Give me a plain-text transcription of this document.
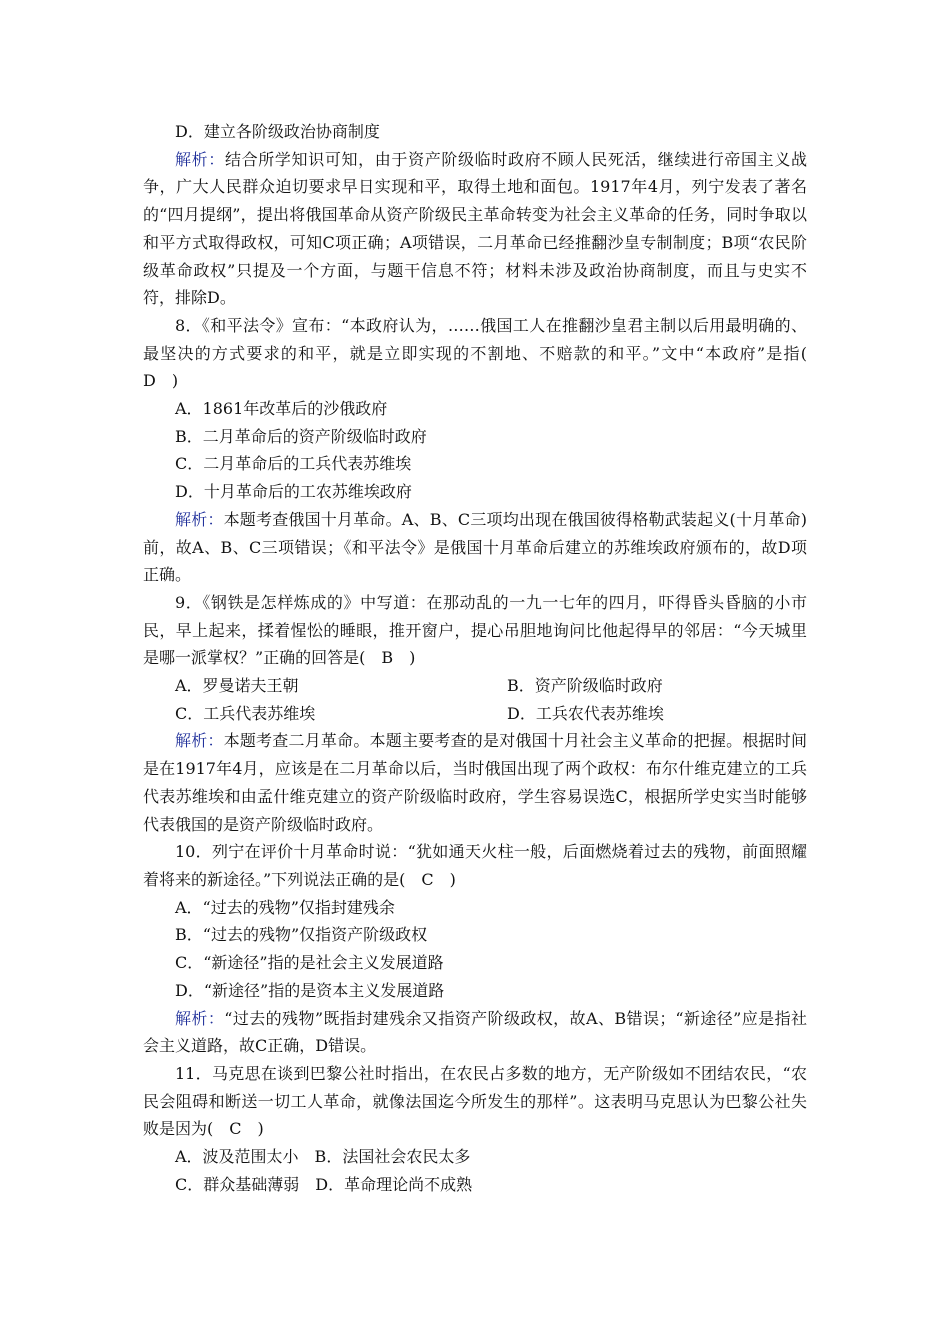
D．建立各阶级政治协商制度

解析：结合所学知识可知，由于资产阶级临时政府不顾人民死活，继续进行帝国主义战争，广大人民群众迫切要求早日实现和平，取得土地和面包。1917年4月，列宁发表了著名的“四月提纲”，提出将俄国革命从资产阶级民主革命转变为社会主义革命的任务，同时争取以和平方式取得政权，可知C项正确；A项错误，二月革命已经推翻沙皇专制制度；B项“农民阶级革命政权”只提及一个方面，与题干信息不符；材料未涉及政治协商制度，而且与史实不符，排除D。

8．《和平法令》宣布：“本政府认为，……俄国工人在推翻沙皇君主制以后用最明确的、最坚决的方式要求的和平，就是立即实现的不割地、不赔款的和平。”文中“本政府”是指(　D　)

A．1861年改革后的沙俄政府

B．二月革命后的资产阶级临时政府

C．二月革命后的工兵代表苏维埃

D．十月革命后的工农苏维埃政府

解析：本题考查俄国十月革命。A、B、C三项均出现在俄国彼得格勒武装起义(十月革命)前，故A、B、C三项错误；《和平法令》是俄国十月革命后建立的苏维埃政府颁布的，故D项正确。

9．《钢铁是怎样炼成的》中写道：在那动乱的一九一七年的四月，吓得昏头昏脑的小市民，早上起来，揉着惺忪的睡眼，推开窗户，提心吊胆地询问比他起得早的邻居：“今天城里是哪一派掌权？”正确的回答是(　B　)

A．罗曼诺夫王朝	B．资产阶级临时政府
C．工兵代表苏维埃	D．工兵农代表苏维埃

解析：本题考查二月革命。本题主要考查的是对俄国十月社会主义革命的把握。根据时间是在1917年4月，应该是在二月革命以后，当时俄国出现了两个政权：布尔什维克建立的工兵代表苏维埃和由孟什维克建立的资产阶级临时政府，学生容易误选C，根据所学史实当时能够代表俄国的是资产阶级临时政府。

10．列宁在评价十月革命时说：“犹如通天火柱一般，后面燃烧着过去的残物，前面照耀着将来的新途径。”下列说法正确的是(　C　)

A．“过去的残物”仅指封建残余

B．“过去的残物”仅指资产阶级政权

C．“新途径”指的是社会主义发展道路

D．“新途径”指的是资本主义发展道路

解析：“过去的残物”既指封建残余又指资产阶级政权，故A、B错误；“新途径”应是指社会主义道路，故C正确，D错误。

11．马克思在谈到巴黎公社时指出，在农民占多数的地方，无产阶级如不团结农民，“农民会阻碍和断送一切工人革命，就像法国迄今所发生的那样”。这表明马克思认为巴黎公社失败是因为(　C　)

A．波及范围太小　B．法国社会农民太多

C．群众基础薄弱　D．革命理论尚不成熟
